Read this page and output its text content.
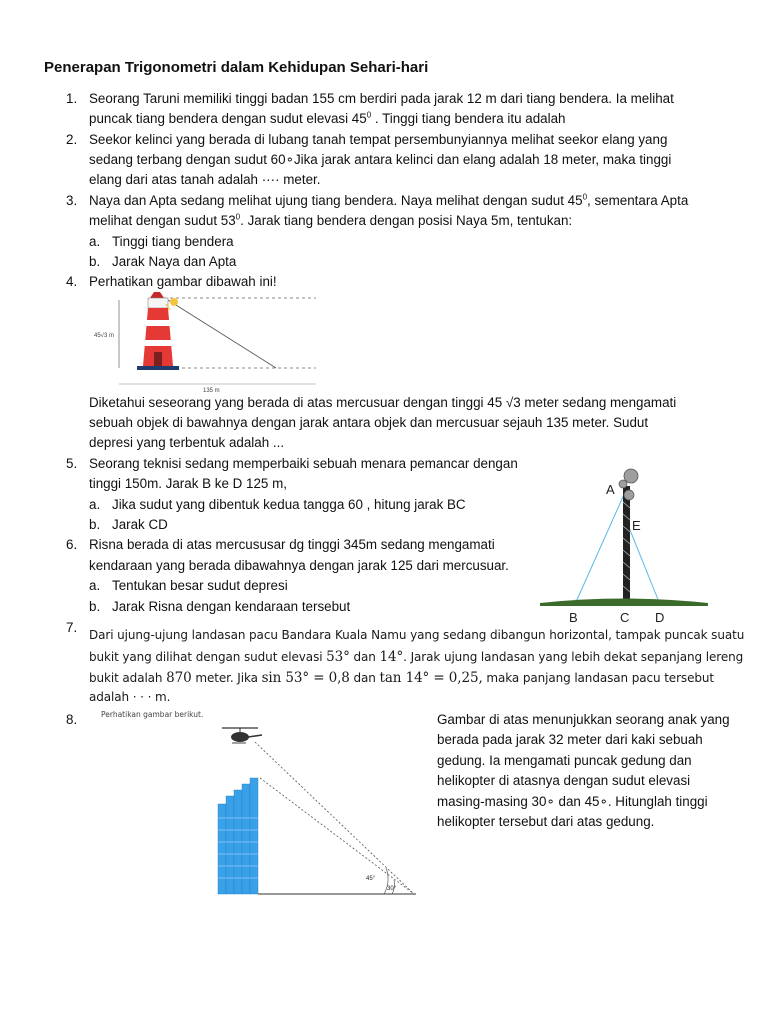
Penerapan Trigonometri dalam Kehidupan Sehari-hari
1. Seorang Taruni memiliki tinggi badan 155 cm berdiri pada jarak 12 m dari tiang bendera. Ia melihat
puncak tiang bendera dengan sudut elevasi $45^0$ . Tinggi tiang bendera itu adalah
2. Seekor kelinci yang berada di lubang tanah tempat persembunyiannya melihat seekor elang yang
sedang terbang dengan sudut 60∘Jika jarak antara kelinci dan elang adalah 18 meter, maka tinggi
elang dari atas tanah adalah ···· meter.
3. Naya dan Apta sedang melihat ujung tiang bendera. Naya melihat dengan sudut $45^0$, sementara Apta
melihat dengan sudut $53^0$. Jarak tiang bendera dengan posisi Naya 5m, tentukan:
a. Tinggi tiang bendera
b. Jarak Naya dan Apta
4. Perhatikan gambar dibawah ini!
45√3 m
135 m
Diketahui seseorang yang berada di atas mercusuar dengan tinggi 45 √3 meter sedang mengamati
sebuah objek di bawahnya dengan jarak antara objek dan mercusuar sejauh 135 meter. Sudut
depresi yang terbentuk adalah ...
5. Seorang teknisi sedang memperbaiki sebuah menara pemancar dengan
tinggi 150m. Jarak B ke D 125 m,
a. Jika sudut yang dibentuk kedua tangga 60 , hitung jarak BC
b. Jarak CD
A
E
B	C D
6. Risna berada di atas mercususar dg tinggi 345m sedang mengamati
kendaraan yang berada dibawahnya dengan jarak 125 dari mercusuar.
a. Tentukan besar sudut depresi
b. Jarak Risna dengan kendaraan tersebut
7. Dari ujung-ujung landasan pacu Bandara Kuala Namu yang sedang dibangun horizontal, tampak puncak suatu
bukit yang dilihat dengan sudut elevasi 53° dan 14°. Jarak ujung landasan yang lebih dekat sepanjang lereng
bukit adalah 870 meter. Jika sin 53° = 0,8 dan tan 14° = 0,25, maka panjang landasan pacu tersebut
adalah · · · m.
8.	Perhatikan gambar berikut.
45°
30°
Gambar di atas menunjukkan seorang anak yang
berada pada jarak 32 meter dari kaki sebuah
gedung. Ia mengamati puncak gedung dan
helikopter di atasnya dengan sudut elevasi
masing-masing 30∘ dan 45∘. Hitunglah tinggi
helikopter tersebut dari atas gedung.
